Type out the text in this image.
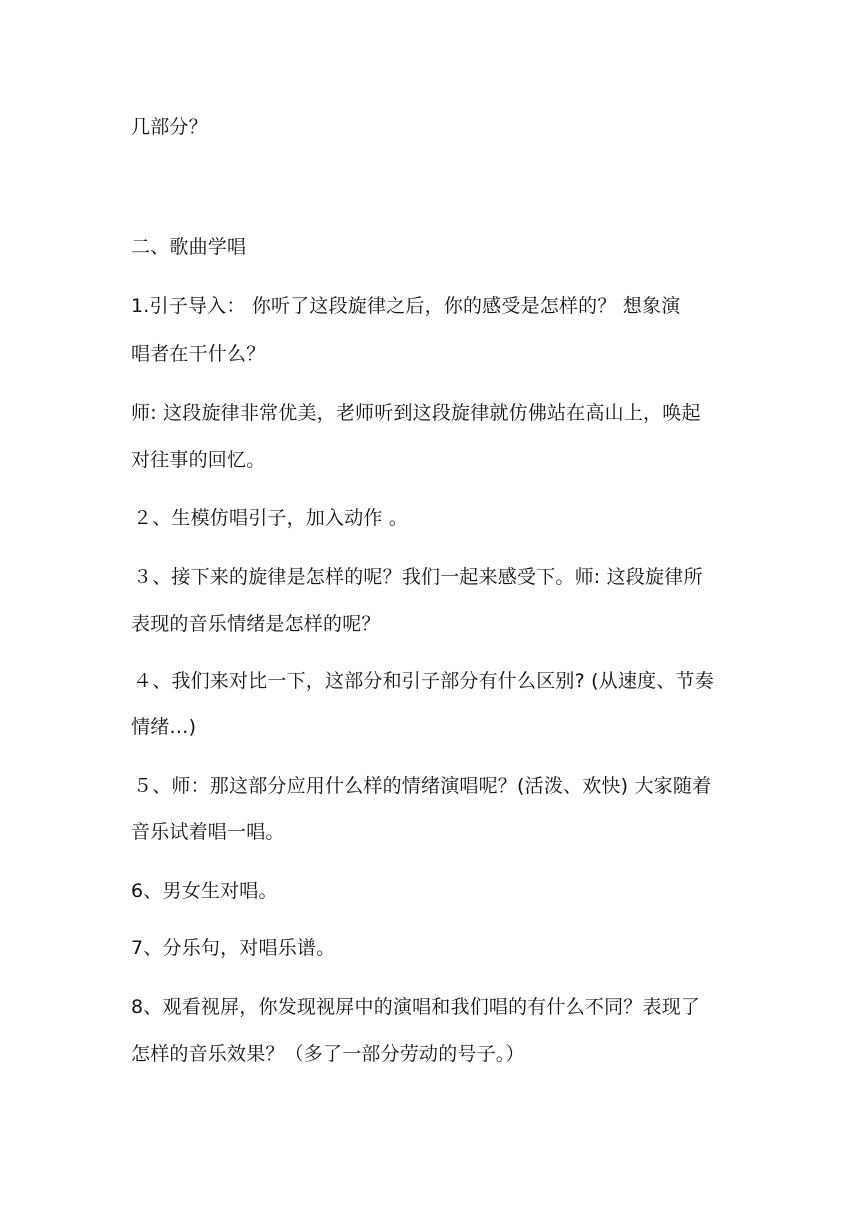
几部分？
二、歌曲学唱
1.引子导入： 你听了这段旋律之后，你的感受是怎样的？ 想象演
唱者在干什么？
师: 这段旋律非常优美，老师听到这段旋律就仿佛站在高山上，唤起
对往事的回忆。
２、生模仿唱引子，加入动作 。
３、接下来的旋律是怎样的呢？我们一起来感受下。师: 这段旋律所
表现的音乐情绪是怎样的呢？
４、我们来对比一下，这部分和引子部分有什么区别? (从速度、节奏
情绪…)
５、师：那这部分应用什么样的情绪演唱呢？(活泼、欢快) 大家随着
音乐试着唱一唱。
6、男女生对唱。
7、分乐句，对唱乐谱。
8、观看视屏，你发现视屏中的演唱和我们唱的有什么不同？表现了
怎样的音乐效果？（多了一部分劳动的号子。）
